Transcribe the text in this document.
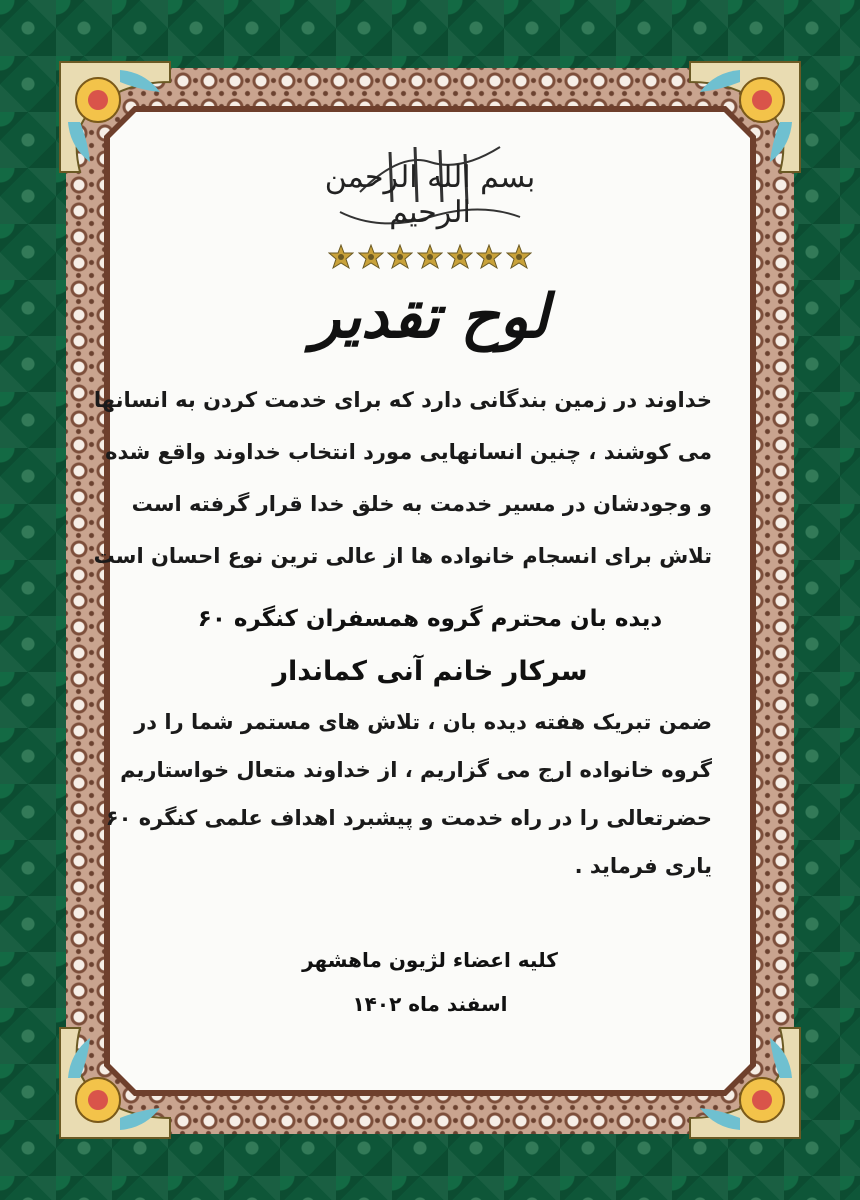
بسم الله الرحمن الرحیم
لوح تقدیر
خداوند در زمین بندگانی دارد که برای خدمت کردن به انسانها
می کوشند ، چنین انسانهایی مورد انتخاب خداوند واقع شده
و وجودشان در مسیر خدمت به خلق خدا قرار گرفته است
تلاش برای انسجام خانواده ها از عالی ترین نوع احسان است
دیده بان محترم گروه همسفران کنگره ۶۰
سرکار خانم آنی کماندار
ضمن تبریک هفته دیده بان ، تلاش های مستمر شما را در
گروه خانواده ارج می گزاریم ، از خداوند متعال خواستاریم
حضرتعالی را در راه خدمت و پیشبرد اهداف علمی کنگره ۶۰
یاری فرماید .
کلیه اعضاء لژیون ماهشهر
اسفند ماه ۱۴۰۲
